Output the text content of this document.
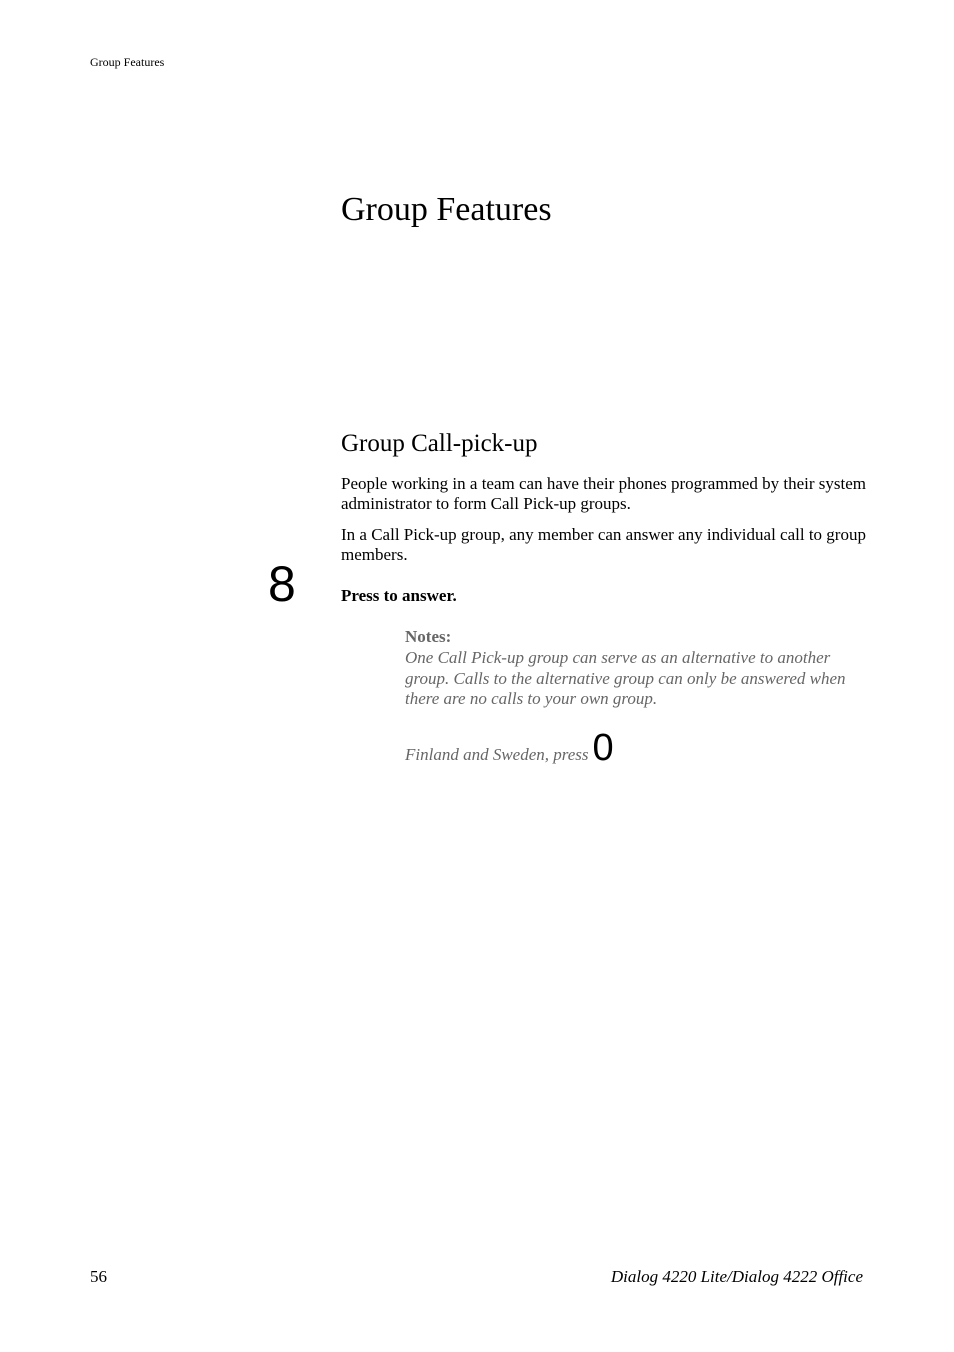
Group Features
Group Features
Group Call-pick-up
People working in a team can have their phones programmed by their system administrator to form Call Pick-up groups.
In a Call Pick-up group, any member can answer any individual call to group members.
8	Press to answer.
Notes:
One Call Pick-up group can serve as an alternative to another group. Calls to the alternative group can only be answered when there are no calls to your own group.
Finland and Sweden, press 0
56	Dialog 4220 Lite/Dialog 4222 Office
